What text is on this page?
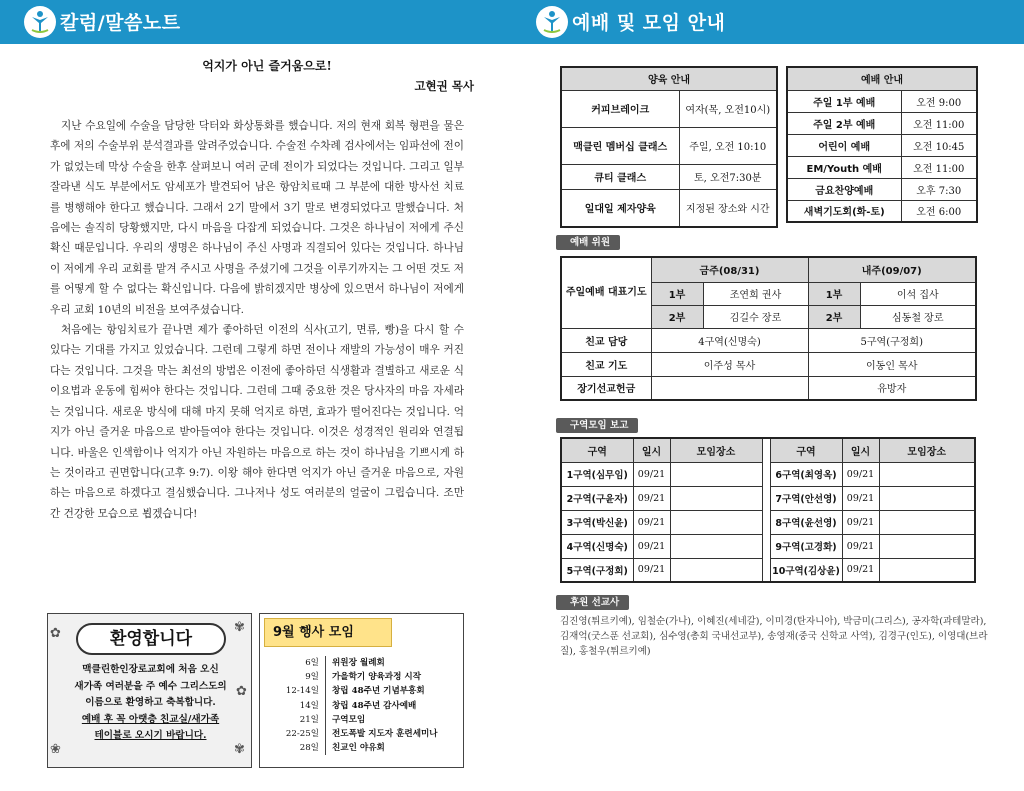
칼럼/말씀노트	예배 및 모임 안내
억지가 아닌 즐거움으로!
고현권 목사

지난 수요일에 수술을 담당한 닥터와 화상통화를 했습니다. 저의 현재 회복 형편을 물은 후에 저의 수술부위 분석결과를 알려주었습니다. 수술전 수차례 검사에서는 임파선에 전이가 없었는데 막상 수술을 한후 살펴보니 여러 군데 전이가 되었다는 것입니다. 그리고 일부 잘라낸 식도 부분에서도 암세포가 발견되어 남은 항암치료때 그 부분에 대한 방사선 치료를 병행해야 한다고 했습니다. 그래서 2기 말에서 3기 말로 변경되었다고 말했습니다. 처음에는 솔직히 당황했지만, 다시 마음을 다잡게 되었습니다. 그것은 하나님이 저에게 주신 확신 때문입니다. 우리의 생명은 하나님이 주신 사명과 직결되어 있다는 것입니다. 하나님이 저에게 우리 교회를 맡겨 주시고 사명을 주셨기에 그것을 이루기까지는 그 어떤 것도 저를 어떻게 할 수 없다는 확신입니다. 다음에 밝히겠지만 병상에 있으면서 하나님이 저에게 우리 교회 10년의 비전을 보여주셨습니다.

처음에는 항임치료가 끝나면 제가 좋아하던 이전의 식사(고기, 면류, 빵)을 다시 할 수 있다는 기대를 가지고 있었습니다. 그런데 그렇게 하면 전이나 재발의 가능성이 매우 커진다는 것입니다. 그것을 막는 최선의 방법은 이전에 좋아하던 식생활과 결별하고 새로운 식이요법과 운동에 힘써야 한다는 것입니다. 그런데 그때 중요한 것은 당사자의 마음 자세라는 것입니다. 새로운 방식에 대해 마지 못해 억지로 하면, 효과가 떨어진다는 것입니다. 억지가 아닌 즐거운 마음으로 받아들여야 한다는 것입니다. 이것은 성경적인 원리와 연결됩니다. 바울은 인색함이나 억지가 아닌 자원하는 마음으로 하는 것이 하나님을 기쁘시게 하는 것이라고 권면합니다(고후 9:7). 이왕 해야 한다면 억지가 아닌 즐거운 마음으로, 자원하는 마음으로 하겠다고 결심했습니다. 그나저나 성도 여러분의 얼굴이 그립습니다. 조만간 건강한 모습으로 뵙겠습니다!

✿	✾
✿
❀	✾
환영합니다
맥클린한인장로교회에 처음 오신
새가족 여러분을 주 예수 그리스도의
이름으로 환영하고 축복합니다.
예배 후 꼭 아랫층 친교실/새가족
테이블로 오시기 바랍니다.
9월 행사 모임
6일	위원장 월례회
9일	가을학기 양육과정 시작
12-14일	창립 48주년 기념부흥회
14일	창립 48주년 감사예배
21일	구역모임
22-25일	전도폭발 지도자 훈련세미나
28일	친교인 야유회
양육 안내	
커피브레이크	여자(목, 오전10시)
맥클린 멤버십 클래스	주일, 오전 10:10
큐티 클래스	토, 오전7:30분
일대일 제자양육	지정된 장소와 시간
예배 안내	
주일 1부 예배	오전 9:00
주일 2부 예배	오전 11:00
어린이 예배	오전 10:45
EM/Youth 예배	오전 11:00
금요찬양예배	오후 7:30
새벽기도회(화-토)	오전 6:00
예배 위원
주일예배 대표기도	금주(08/31)		내주(09/07)	
	1부	조연희 권사	1부	이석 집사
	2부	김길수 장로	2부	심동철 장로
친교 담당	4구역(신명숙)		5구역(구정희)	
친교 기도	이주성 목사		이동인 목사	
장기선교헌금			유방자	
구역모임 보고
구역	일시	모임장소		구역	일시	모임장소
1구역(심무임)	09/21			6구역(최영옥)	09/21	
2구역(구윤자)	09/21			7구역(안선영)	09/21	
3구역(박신윤)	09/21			8구역(윤선영)	09/21	
4구역(신명숙)	09/21			9구역(고경화)	09/21	
5구역(구정희)	09/21			10구역(김상윤)	09/21	
후원 선교사
김진영(튀르키예), 임철순(가나), 이혜진(세네갈), 이미경(탄자니아), 박금미(그리스), 공자학(과테말라), 김재억(굿스푼 선교회), 심수영(총회 국내선교부), 송영재(중국 신학교 사역), 김경구(인도), 이영대(브라질), 홍철우(튀르키예)
